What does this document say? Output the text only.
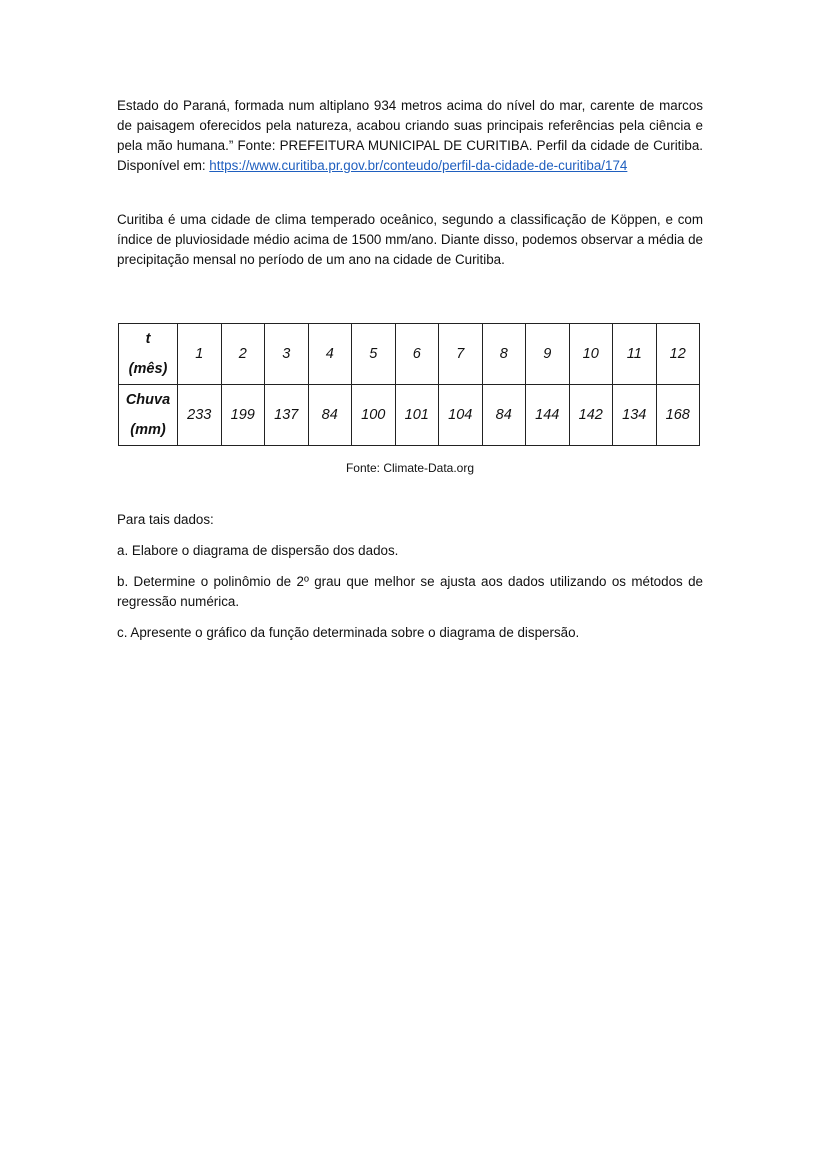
Estado do Paraná, formada num altiplano 934 metros acima do nível do mar, carente de marcos de paisagem oferecidos pela natureza, acabou criando suas principais referências pela ciência e pela mão humana.” Fonte: PREFEITURA MUNICIPAL DE CURITIBA. Perfil da cidade de Curitiba. Disponível em: https://www.curitiba.pr.gov.br/conteudo/perfil-da-cidade-de-curitiba/174

Curitiba é uma cidade de clima temperado oceânico, segundo a classificação de Köppen, e com índice de pluviosidade médio acima de 1500 mm/ano. Diante disso, podemos observar a média de precipitação mensal no período de um ano na cidade de Curitiba.

t
(mês)	1	2	3	4	5	6	7	8	9	10	11	12

Chuva
(mm)	233	199	137	84	100	101	104	84	144	142	134	168
Fonte: Climate-Data.org

Para tais dados:

a. Elabore o diagrama de dispersão dos dados.

b. Determine o polinômio de 2º grau que melhor se ajusta aos dados utilizando os métodos de regressão numérica.

c. Apresente o gráfico da função determinada sobre o diagrama de dispersão.
